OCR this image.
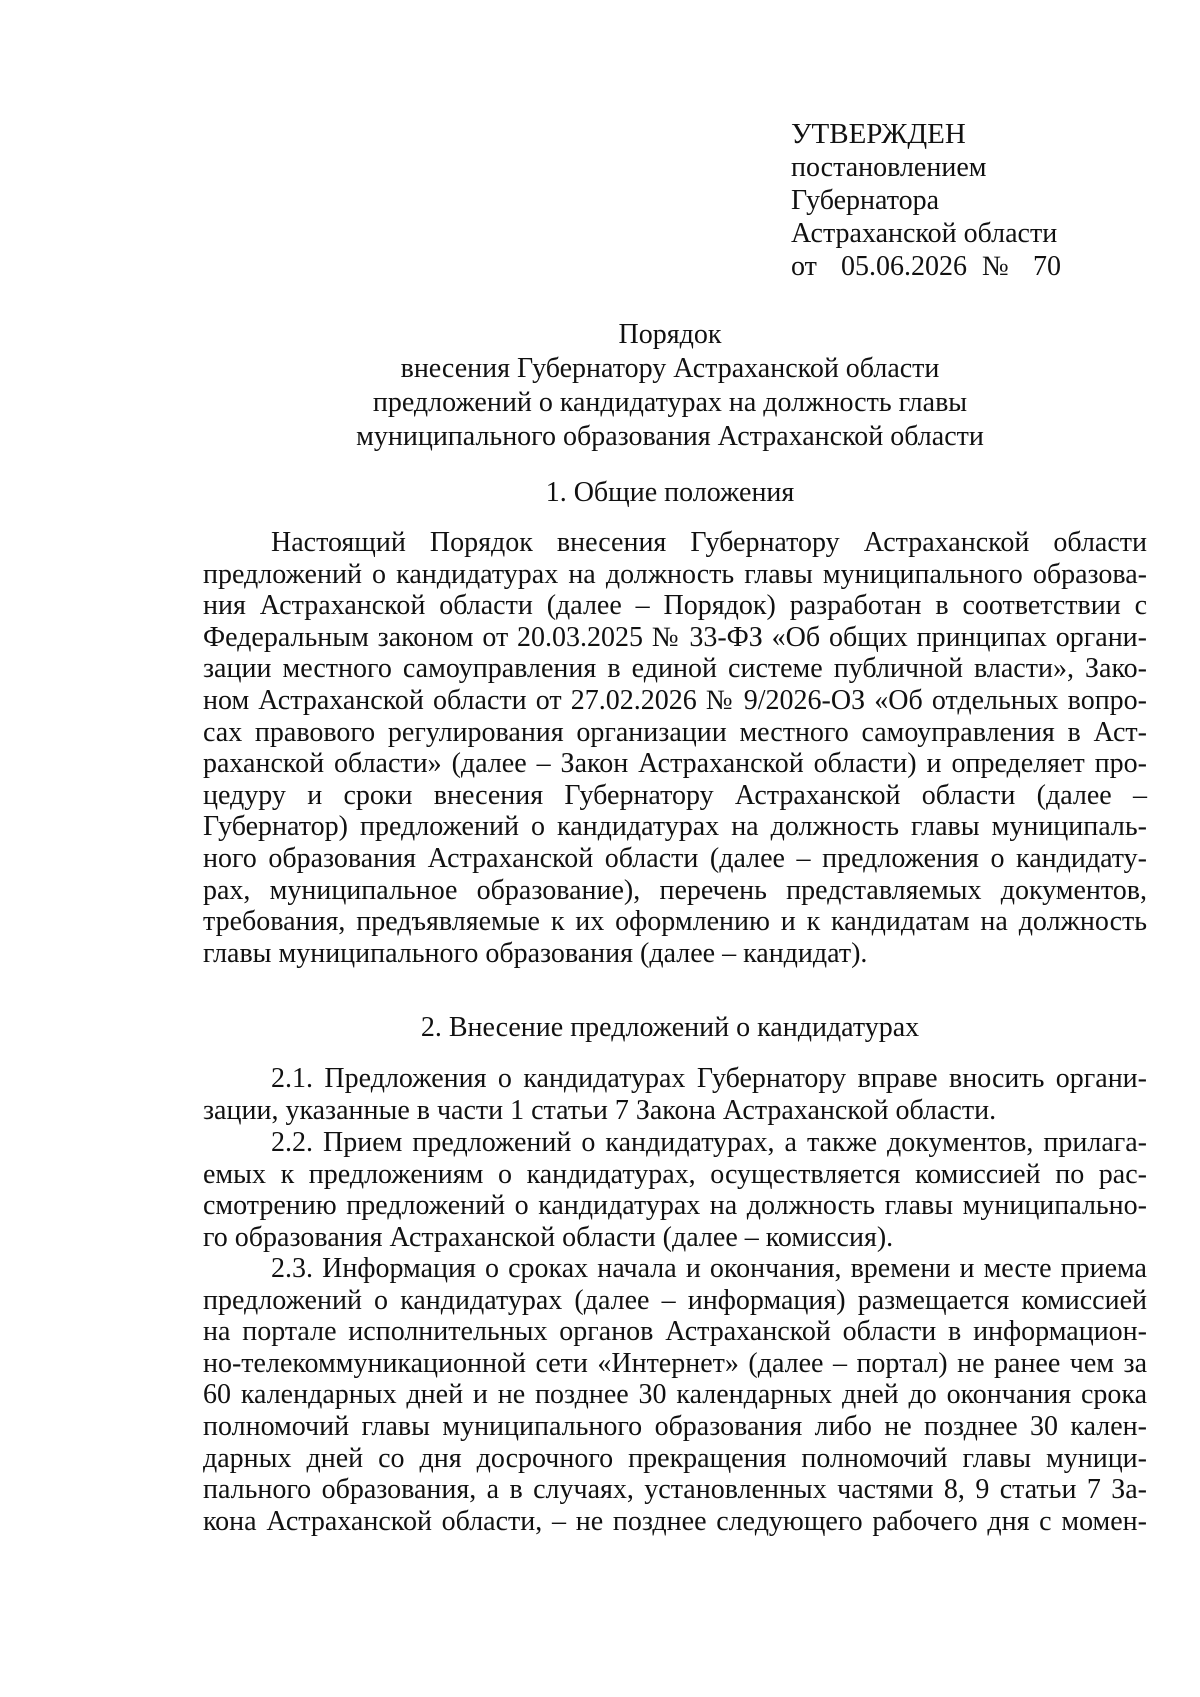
УТВЕРЖДЕН
постановлением
Губернатора
Астраханской области
от 05.06.2026 № 70
Порядок
внесения Губернатору Астраханской области
предложений о кандидатурах на должность главы
муниципального образования Астраханской области
1. Общие положения
Настоящий Порядок внесения Губернатору Астраханской области
предложений о кандидатурах на должность главы муниципального образова-
ния Астраханской области (далее – Порядок) разработан в соответствии с
Федеральным законом от 20.03.2025 № 33-ФЗ «Об общих принципах органи-
зации местного самоуправления в единой системе публичной власти», Зако-
ном Астраханской области от 27.02.2026 № 9/2026-ОЗ «Об отдельных вопро-
сах правового регулирования организации местного самоуправления в Аст-
раханской области» (далее – Закон Астраханской области) и определяет про-
цедуру и сроки внесения Губернатору Астраханской области (далее –
Губернатор) предложений о кандидатурах на должность главы муниципаль-
ного образования Астраханской области (далее – предложения о кандидату-
рах, муниципальное образование), перечень представляемых документов,
требования, предъявляемые к их оформлению и к кандидатам на должность
главы муниципального образования (далее – кандидат).
2. Внесение предложений о кандидатурах
2.1. Предложения о кандидатурах Губернатору вправе вносить органи-
зации, указанные в части 1 статьи 7 Закона Астраханской области.
2.2. Прием предложений о кандидатурах, а также документов, прилага-
емых к предложениям о кандидатурах, осуществляется комиссией по рас-
смотрению предложений о кандидатурах на должность главы муниципально-
го образования Астраханской области (далее – комиссия).
2.3. Информация о сроках начала и окончания, времени и месте приема
предложений о кандидатурах (далее – информация) размещается комиссией
на портале исполнительных органов Астраханской области в информацион-
но-телекоммуникационной сети «Интернет» (далее – портал) не ранее чем за
60 календарных дней и не позднее 30 календарных дней до окончания срока
полномочий главы муниципального образования либо не позднее 30 кален-
дарных дней со дня досрочного прекращения полномочий главы муници-
пального образования, а в случаях, установленных частями 8, 9 статьи 7 За-
кона Астраханской области, – не позднее следующего рабочего дня с момен-
